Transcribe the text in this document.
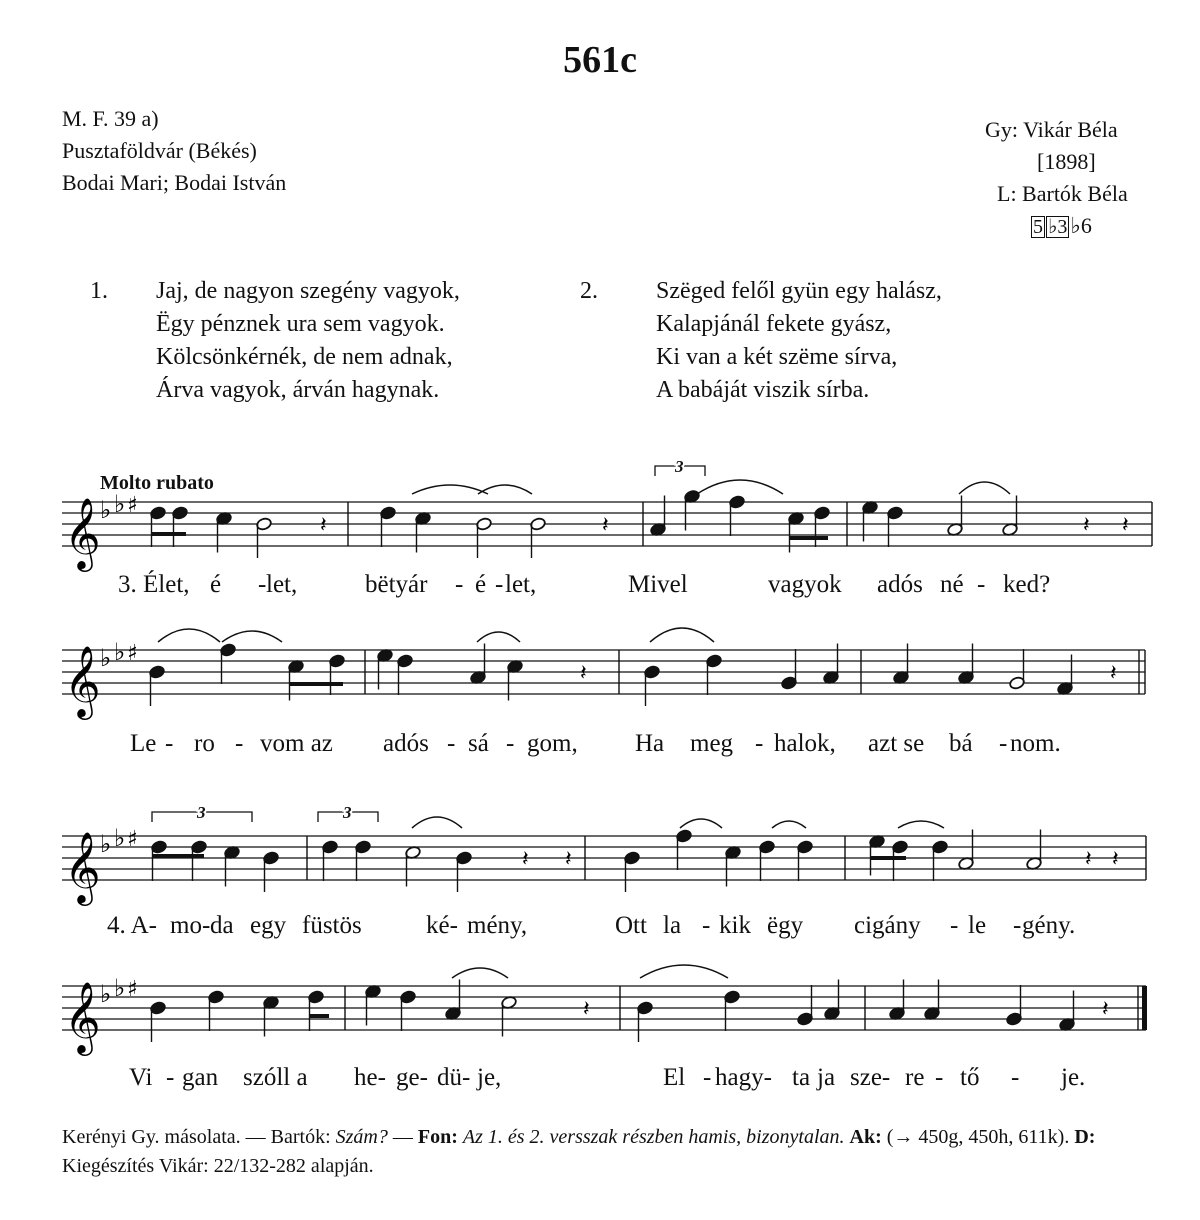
561c
M. F. 39 a)
Pusztaföldvár (Békés)
Bodai Mari; Bodai István
Gy: Vikár Béla
[1898]
L: Bartók Béla
5 ♭3 ♭6
1. Jaj, de nagyon szegény vagyok,
Ëgy pénznek ura sem vagyok.
Kölcsönkérnék, de nem adnak,
Árva vagyok, árván hagynak.
2. Szëged felől gyün egy halász,
Kalapjánál fekete gyász,
Ki van a két szëme sírva,
A babáját viszik sírba.
Molto rubato
𝄞 ♭ ♭ ♯
𝄞 ♭ ♭ ♯
𝄞 ♭ ♭ ♯
𝄞 ♭ ♭ ♯
𝄽	𝄽	𝄽 𝄽
𝄽	𝄽
𝄽 𝄽	𝄽 𝄽
𝄽	𝄽
3
3	3
3. Élet, é - let,	bëtyár - é - let,	Mivel	vagyok adós né - ked?
Le - ro - vom az adós - sá - gom, Ha meg - halok, azt se bá - nom.
4. A- mo- da egy füstös	ké- mény,	Ott la - kik ëgy cigány - le - gény.
Vi - gan szóll a he- ge- dü- je,	El - hagy- ta ja sze- re - tő - je.
Kerényi Gy. másolata. — Bartók: Szám? — Fon: Az 1. és 2. versszak részben hamis, bizonytalan. Ak: (→ 450g, 450h, 611k). D: Kiegészítés Vikár: 22/132-282 alapján.
